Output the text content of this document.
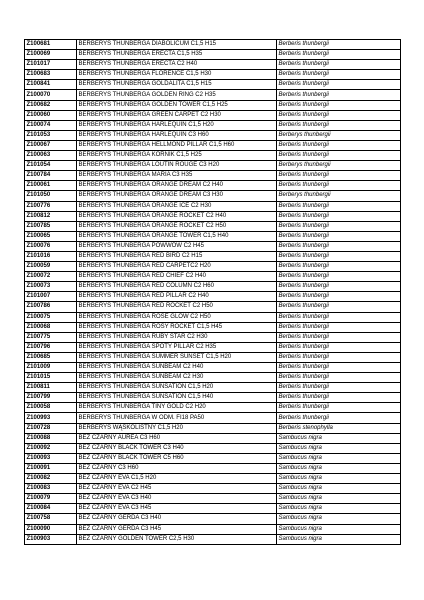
Z100681	BERBERYS THUNBERGA DIABOLICUM C1,5 H15	Berberis thunbergii
Z100069	BERBERYS THUNBERGA ERECTA C1,5 H35	Berberis thunbergii
Z101017	BERBERYS THUNBERGA ERECTA C2 H40	Berberis thunbergii
Z100683	BERBERYS THUNBERGA FLORENCE C1,5 H30	Berberis thunbergii
Z100841	BERBERYS THUNBERGA GOLDALITA C1,5 H15	Berberis thunbergii
Z100070	BERBERYS THUNBERGA GOLDEN RING C2 H35	Berberis thunbergii
Z100682	BERBERYS THUNBERGA GOLDEN TOWER C1,5 H25	Berberis thunbergii
Z100060	BERBERYS THUNBERGA GREEN CARPET C2 H30	Berberis thunbergii
Z100074	BERBERYS THUNBERGA HARLEQUIN C1,5 H20	Berberis thunbergii
Z101053	BERBERYS THUNBERGA HARLEQUIN C3 H60	Berberys thunbergii
Z100067	BERBERYS THUNBERGA HELLMOND PILLAR C1,5 H60	Berberis thunbergii
Z100063	BERBERYS THUNBERGA KÓRNIK C1,5 H25	Berberis thunbergii
Z101054	BERBERYS THUNBERGA LOUTIN ROUGE C3 H20	Berberys thunbergii
Z100784	BERBERYS THUNBERGA MARIA C3 H35	Berberis thunbergii
Z100061	BERBERYS THUNBERGA ORANGE DREAM C2 H40	Berberis thunbergii
Z101050	BERBERYS THUNBERGA ORANGE DREAM C3 H30	Berberys thunbergii
Z100776	BERBERYS THUNBERGA ORANGE ICE C2 H30	Berberis thunbergii
Z100812	BERBERYS THUNBERGA ORANGE ROCKET C2 H40	Berberis thunbergii
Z100785	BERBERYS THUNBERGA ORANGE ROCKET C2 H50	Berberis thunbergii
Z100065	BERBERYS THUNBERGA ORANGE TOWER C1,5 H40	Berberis thunbergii
Z100076	BERBERYS THUNBERGA POWWOW C2 H45	Berberis thunbergii
Z101016	BERBERYS THUNBERGA RED BIRD C2 H15	Berberis thunbergii
Z100059	BERBERYS THUNBERGA RED CARPETC2 H20	Berberis thunbergii
Z100072	BERBERYS THUNBERGA RED CHIEF C2 H40	Berberis thunbergii
Z100073	BERBERYS THUNBERGA RED COLUMN C2 H60	Berberis thunbergii
Z101007	BERBERYS THUNBERGA RED PILLAR C2 H40	Berberis thunbergii
Z100786	BERBERYS THUNBERGA RED ROCKET C2 H50	Berberis thunbergii
Z100075	BERBERYS THUNBERGA ROSE GLOW C2 H50	Berberis thunbergii
Z100068	BERBERYS THUNBERGA ROSY ROCKET C1,5 H45	Berberis thunbergii
Z100775	BERBERYS THUNBERGA RUBY STAR C2 H30	Berberis thunbergii
Z100796	BERBERYS THUNBERGA SPOTY PILLAR C2 H35	Berberis thunbergii
Z100685	BERBERYS THUNBERGA SUMMER SUNSET C1,5 H20	Berberis thunbergii
Z101009	BERBERYS THUNBERGA SUNBEAM C2 H40	Berberis thunbergii
Z101015	BERBERYS THUNBERGA SUNBEAM C2 H30	Berberis thunbergii
Z100811	BERBERYS THUNBERGA SUNSATION C1,5 H20	Berberis thunbergii
Z100799	BERBERYS THUNBERGA SUNSATION C1,5 H40	Berberis thunbergii
Z100058	BERBERYS THUNBERGA TINY GOLD C2 H20	Berberis thunbergii
Z100993	BERBERYS THUNBERGA W ODM. FI18 PA50	Berberis thunbergii
Z100728	BERBERYS WĄSKOLISTNY C1,5 H20	Berberis stenophylla
Z100088	BEZ CZARNY AUREA C3 H60	Sambucus nigra
Z100092	BEZ CZARNY BLACK TOWER C3 H40	Sambucus nigra
Z100093	BEZ CZARNY BLACK TOWER C5 H60	Sambucus nigra
Z100091	BEZ CZARNY C3 H60	Sambucus nigra
Z100082	BEZ CZARNY EVA C1,5 H20	Sambucus nigra
Z100083	BEZ CZARNY EVA C2 H45	Sambucus nigra
Z100079	BEZ CZARNY EVA C3 H40	Sambucus nigra
Z100084	BEZ CZARNY EVA C3 H45	Sambucus nigra
Z100758	BEZ CZARNY GERDA C3 H40	Sambucus nigra
Z100090	BEZ CZARNY GERDA C3 H45	Sambucus nigra
Z100903	BEZ CZARNY GOLDEN TOWER C2,5 H30	Sambucus nigra
